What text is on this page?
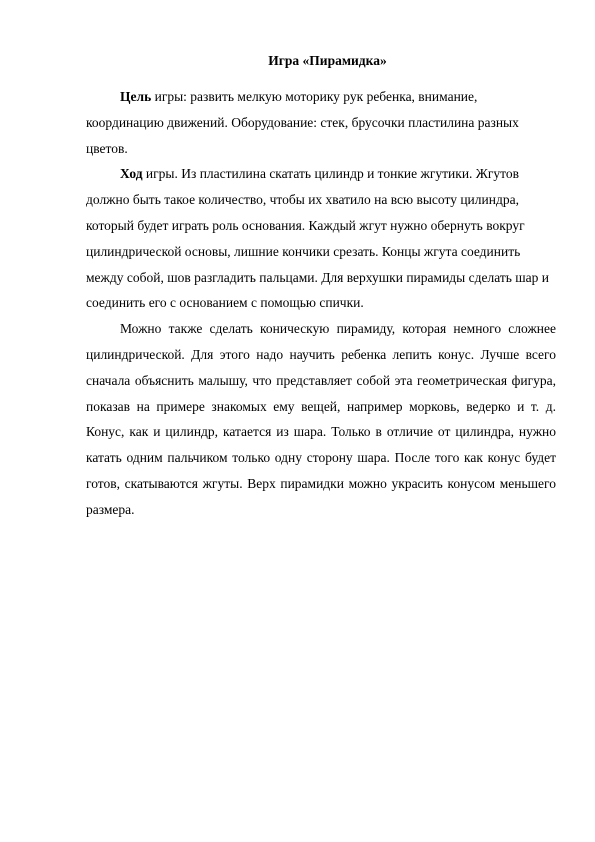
Игра «Пирамидка»

Цель игры: развить мелкую моторику рук ребенка, внимание, координацию движений. Оборудование: стек, брусочки пластилина разных цветов.

Ход игры. Из пластилина скатать цилиндр и тонкие жгутики. Жгутов должно быть такое количество, чтобы их хватило на всю высоту цилиндра, который будет играть роль основания. Каждый жгут нужно обернуть вокруг цилиндрической основы, лишние кончики срезать. Концы жгута соединить между собой, шов разгладить пальцами. Для верхушки пирамиды сделать шар и соединить его с основанием с помощью спички.

Можно также сделать коническую пирамиду, которая немного сложнее цилиндрической. Для этого надо научить ребенка лепить конус. Лучше всего сначала объяснить малышу, что представляет собой эта геометрическая фигура, показав на примере знакомых ему вещей, например морковь, ведерко и т. д. Конус, как и цилиндр, катается из шара. Только в отличие от цилиндра, нужно катать одним пальчиком только одну сторону шара. После того как конус будет готов, скатываются жгуты. Верх пирамидки можно украсить конусом меньшего размера.
